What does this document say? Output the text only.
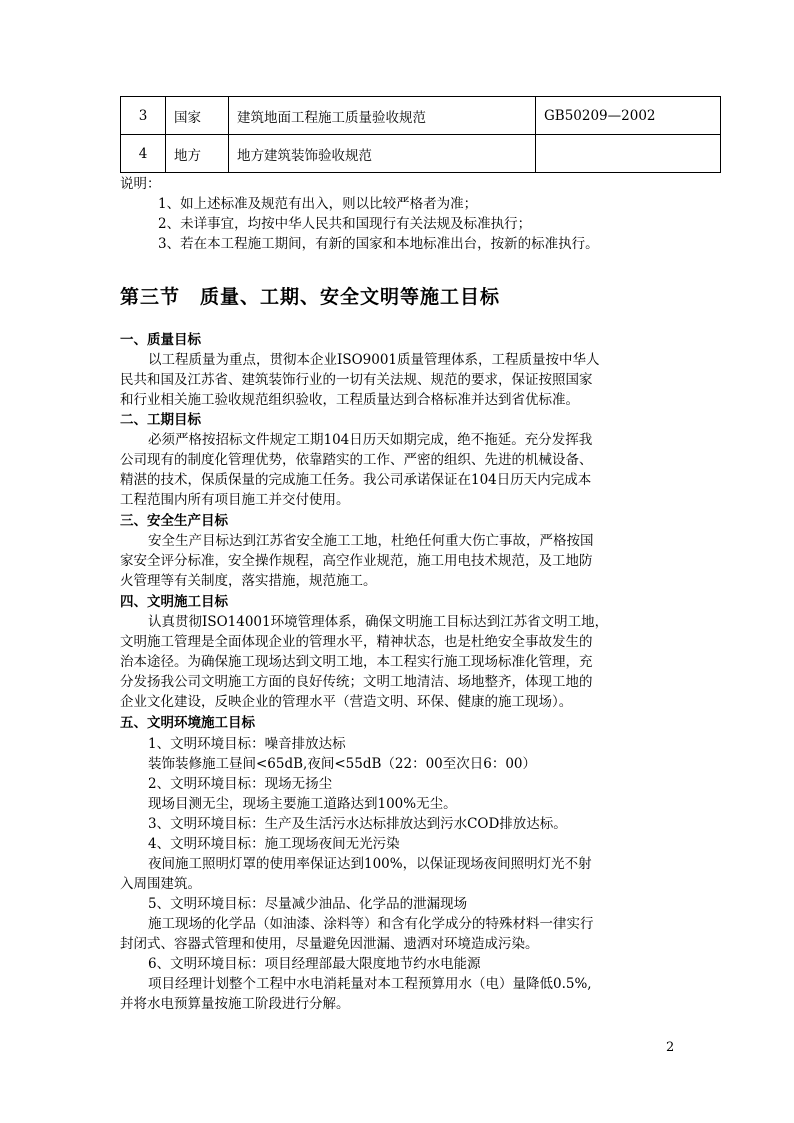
3	国家	建筑地面工程施工质量验收规范	GB50209—2002
4	地方	地方建筑装饰验收规范	
说明：
1、如上述标准及规范有出入，则以比较严格者为准；
2、未详事宜，均按中华人民共和国现行有关法规及标准执行；
3、若在本工程施工期间，有新的国家和本地标准出台，按新的标准执行。
第三节　质量、工期、安全文明等施工目标
一、质量目标
以工程质量为重点，贯彻本企业ISO9001质量管理体系，工程质量按中华人
民共和国及江苏省、建筑装饰行业的一切有关法规、规范的要求，保证按照国家
和行业相关施工验收规范组织验收，工程质量达到合格标准并达到省优标准。
二、工期目标
必须严格按招标文件规定工期104日历天如期完成，绝不拖延。充分发挥我
公司现有的制度化管理优势，依靠踏实的工作、严密的组织、先进的机械设备、
精湛的技术，保质保量的完成施工任务。我公司承诺保证在104日历天内完成本
工程范围内所有项目施工并交付使用。
三、安全生产目标
安全生产目标达到江苏省安全施工工地，杜绝任何重大伤亡事故，严格按国
家安全评分标准，安全操作规程，高空作业规范，施工用电技术规范，及工地防
火管理等有关制度，落实措施，规范施工。
四、文明施工目标
认真贯彻ISO14001环境管理体系，确保文明施工目标达到江苏省文明工地，
文明施工管理是全面体现企业的管理水平，精神状态，也是杜绝安全事故发生的
治本途径。为确保施工现场达到文明工地，本工程实行施工现场标准化管理，充
分发扬我公司文明施工方面的良好传统；文明工地清洁、场地整齐，体现工地的
企业文化建设，反映企业的管理水平（营造文明、环保、健康的施工现场）。
五、文明环境施工目标
1、文明环境目标：噪音排放达标
装饰装修施工昼间<65dB,夜间<55dB（22：00至次日6：00）
2、文明环境目标：现场无扬尘
现场目测无尘，现场主要施工道路达到100%无尘。
3、文明环境目标：生产及生活污水达标排放达到污水COD排放达标。
4、文明环境目标：施工现场夜间无光污染
夜间施工照明灯罩的使用率保证达到100%，以保证现场夜间照明灯光不射
入周围建筑。
5、文明环境目标：尽量减少油品、化学品的泄漏现场
施工现场的化学品（如油漆、涂料等）和含有化学成分的特殊材料一律实行
封闭式、容器式管理和使用，尽量避免因泄漏、遗洒对环境造成污染。
6、文明环境目标：项目经理部最大限度地节约水电能源
项目经理计划整个工程中水电消耗量对本工程预算用水（电）量降低0.5%,
并将水电预算量按施工阶段进行分解。
2
